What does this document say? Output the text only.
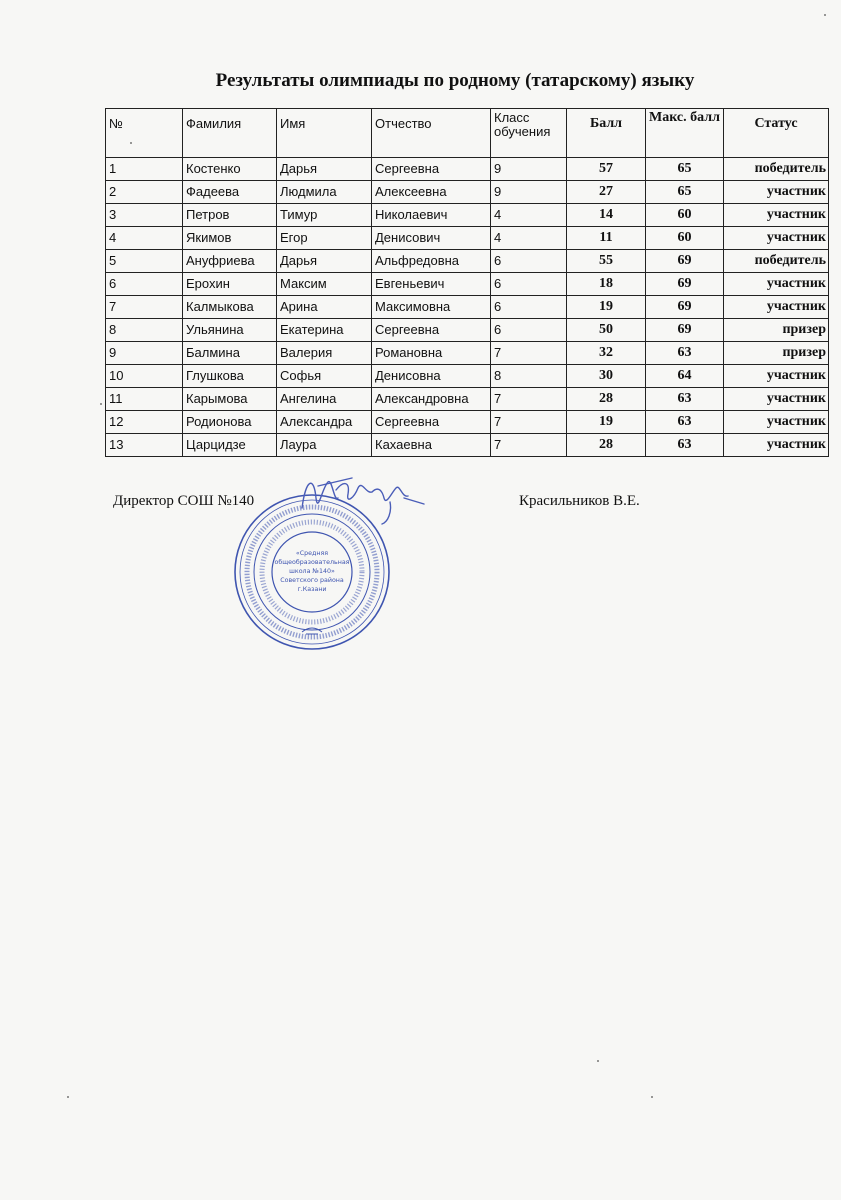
Результаты олимпиады по родному (татарскому) языку
№	Фамилия	Имя	Отчество	Класс обучения	Балл	Макс. балл	Статус
1	Костенко	Дарья	Сергеевна	9	57	65	победитель
2	Фадеева	Людмила	Алексеевна	9	27	65	участник
3	Петров	Тимур	Николаевич	4	14	60	участник
4	Якимов	Егор	Денисович	4	11	60	участник
5	Ануфриева	Дарья	Альфредовна	6	55	69	победитель
6	Ерохин	Максим	Евгеньевич	6	18	69	участник
7	Калмыкова	Арина	Максимовна	6	19	69	участник
8	Ульянина	Екатерина	Сергеевна	6	50	69	призер
9	Балмина	Валерия	Романовна	7	32	63	призер
10	Глушкова	Софья	Денисовна	8	30	64	участник
11	Карымова	Ангелина	Александровна	7	28	63	участник
12	Родионова	Александра	Сергеевна	7	19	63	участник
13	Царцидзе	Лаура	Кахаевна	7	28	63	участник
Директор СОШ №140	Красильников В.Е.
«Средняя
общеобразовательная
школа №140»
Советского района
г.Казани
